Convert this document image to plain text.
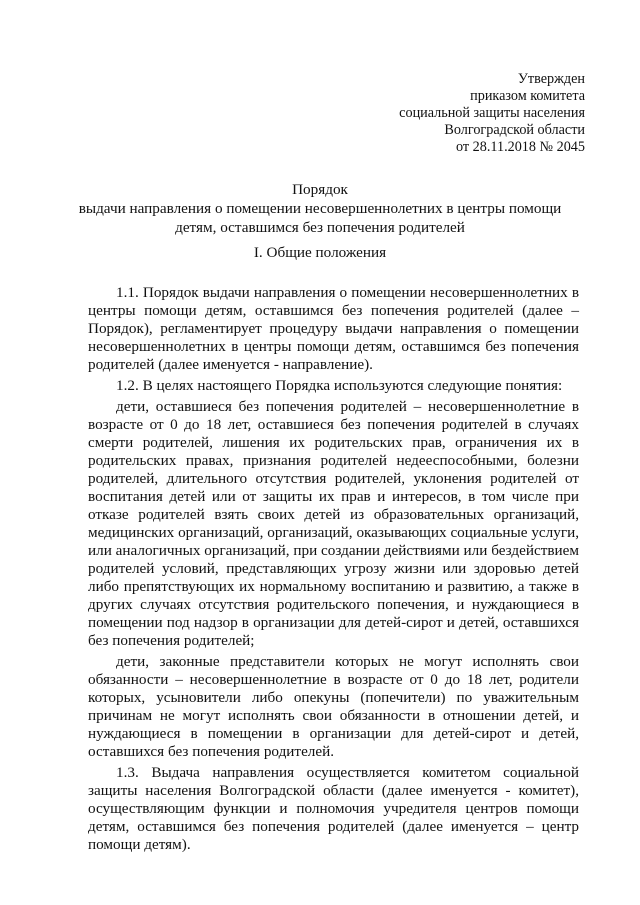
Утвержден
приказом комитета
социальной защиты населения
Волгоградской области
от 28.11.2018 № 2045
Порядок
выдачи направления о помещении несовершеннолетних в центры помощи
детям, оставшимся без попечения родителей
I. Общие положения

1.1. Порядок выдачи направления о помещении несовершеннолетних в центры помощи детям, оставшимся без попечения родителей (далее – Порядок), регламентирует процедуру выдачи направления о помещении несовершеннолетних в центры помощи детям, оставшимся без попечения родителей (далее именуется - направление).

1.2. В целях настоящего Порядка используются следующие понятия:

дети, оставшиеся без попечения родителей – несовершеннолетние в возрасте от 0 до 18 лет, оставшиеся без попечения родителей в случаях смерти родителей, лишения их родительских прав, ограничения их в родительских правах, признания родителей недееспособными, болезни родителей, длительного отсутствия родителей, уклонения родителей от воспитания детей или от защиты их прав и интересов, в том числе при отказе родителей взять своих детей из образовательных организаций, медицинских организаций, организаций, оказывающих социальные услуги, или аналогичных организаций, при создании действиями или бездействием родителей условий, представляющих угрозу жизни или здоровью детей либо препятствующих их нормальному воспитанию и развитию, а также в других случаях отсутствия родительского попечения, и нуждающиеся в помещении под надзор в организации для детей-сирот и детей, оставшихся без попечения родителей;

дети, законные представители которых не могут исполнять свои обязанности – несовершеннолетние в возрасте от 0 до 18 лет, родители которых, усыновители либо опекуны (попечители) по уважительным причинам не могут исполнять свои обязанности в отношении детей, и нуждающиеся в помещении в организации для детей-сирот и детей, оставшихся без попечения родителей.

1.3. Выдача направления осуществляется комитетом социальной защиты населения Волгоградской области (далее именуется - комитет), осуществляющим функции и полномочия учредителя центров помощи детям, оставшимся без попечения родителей (далее именуется – центр помощи детям).
